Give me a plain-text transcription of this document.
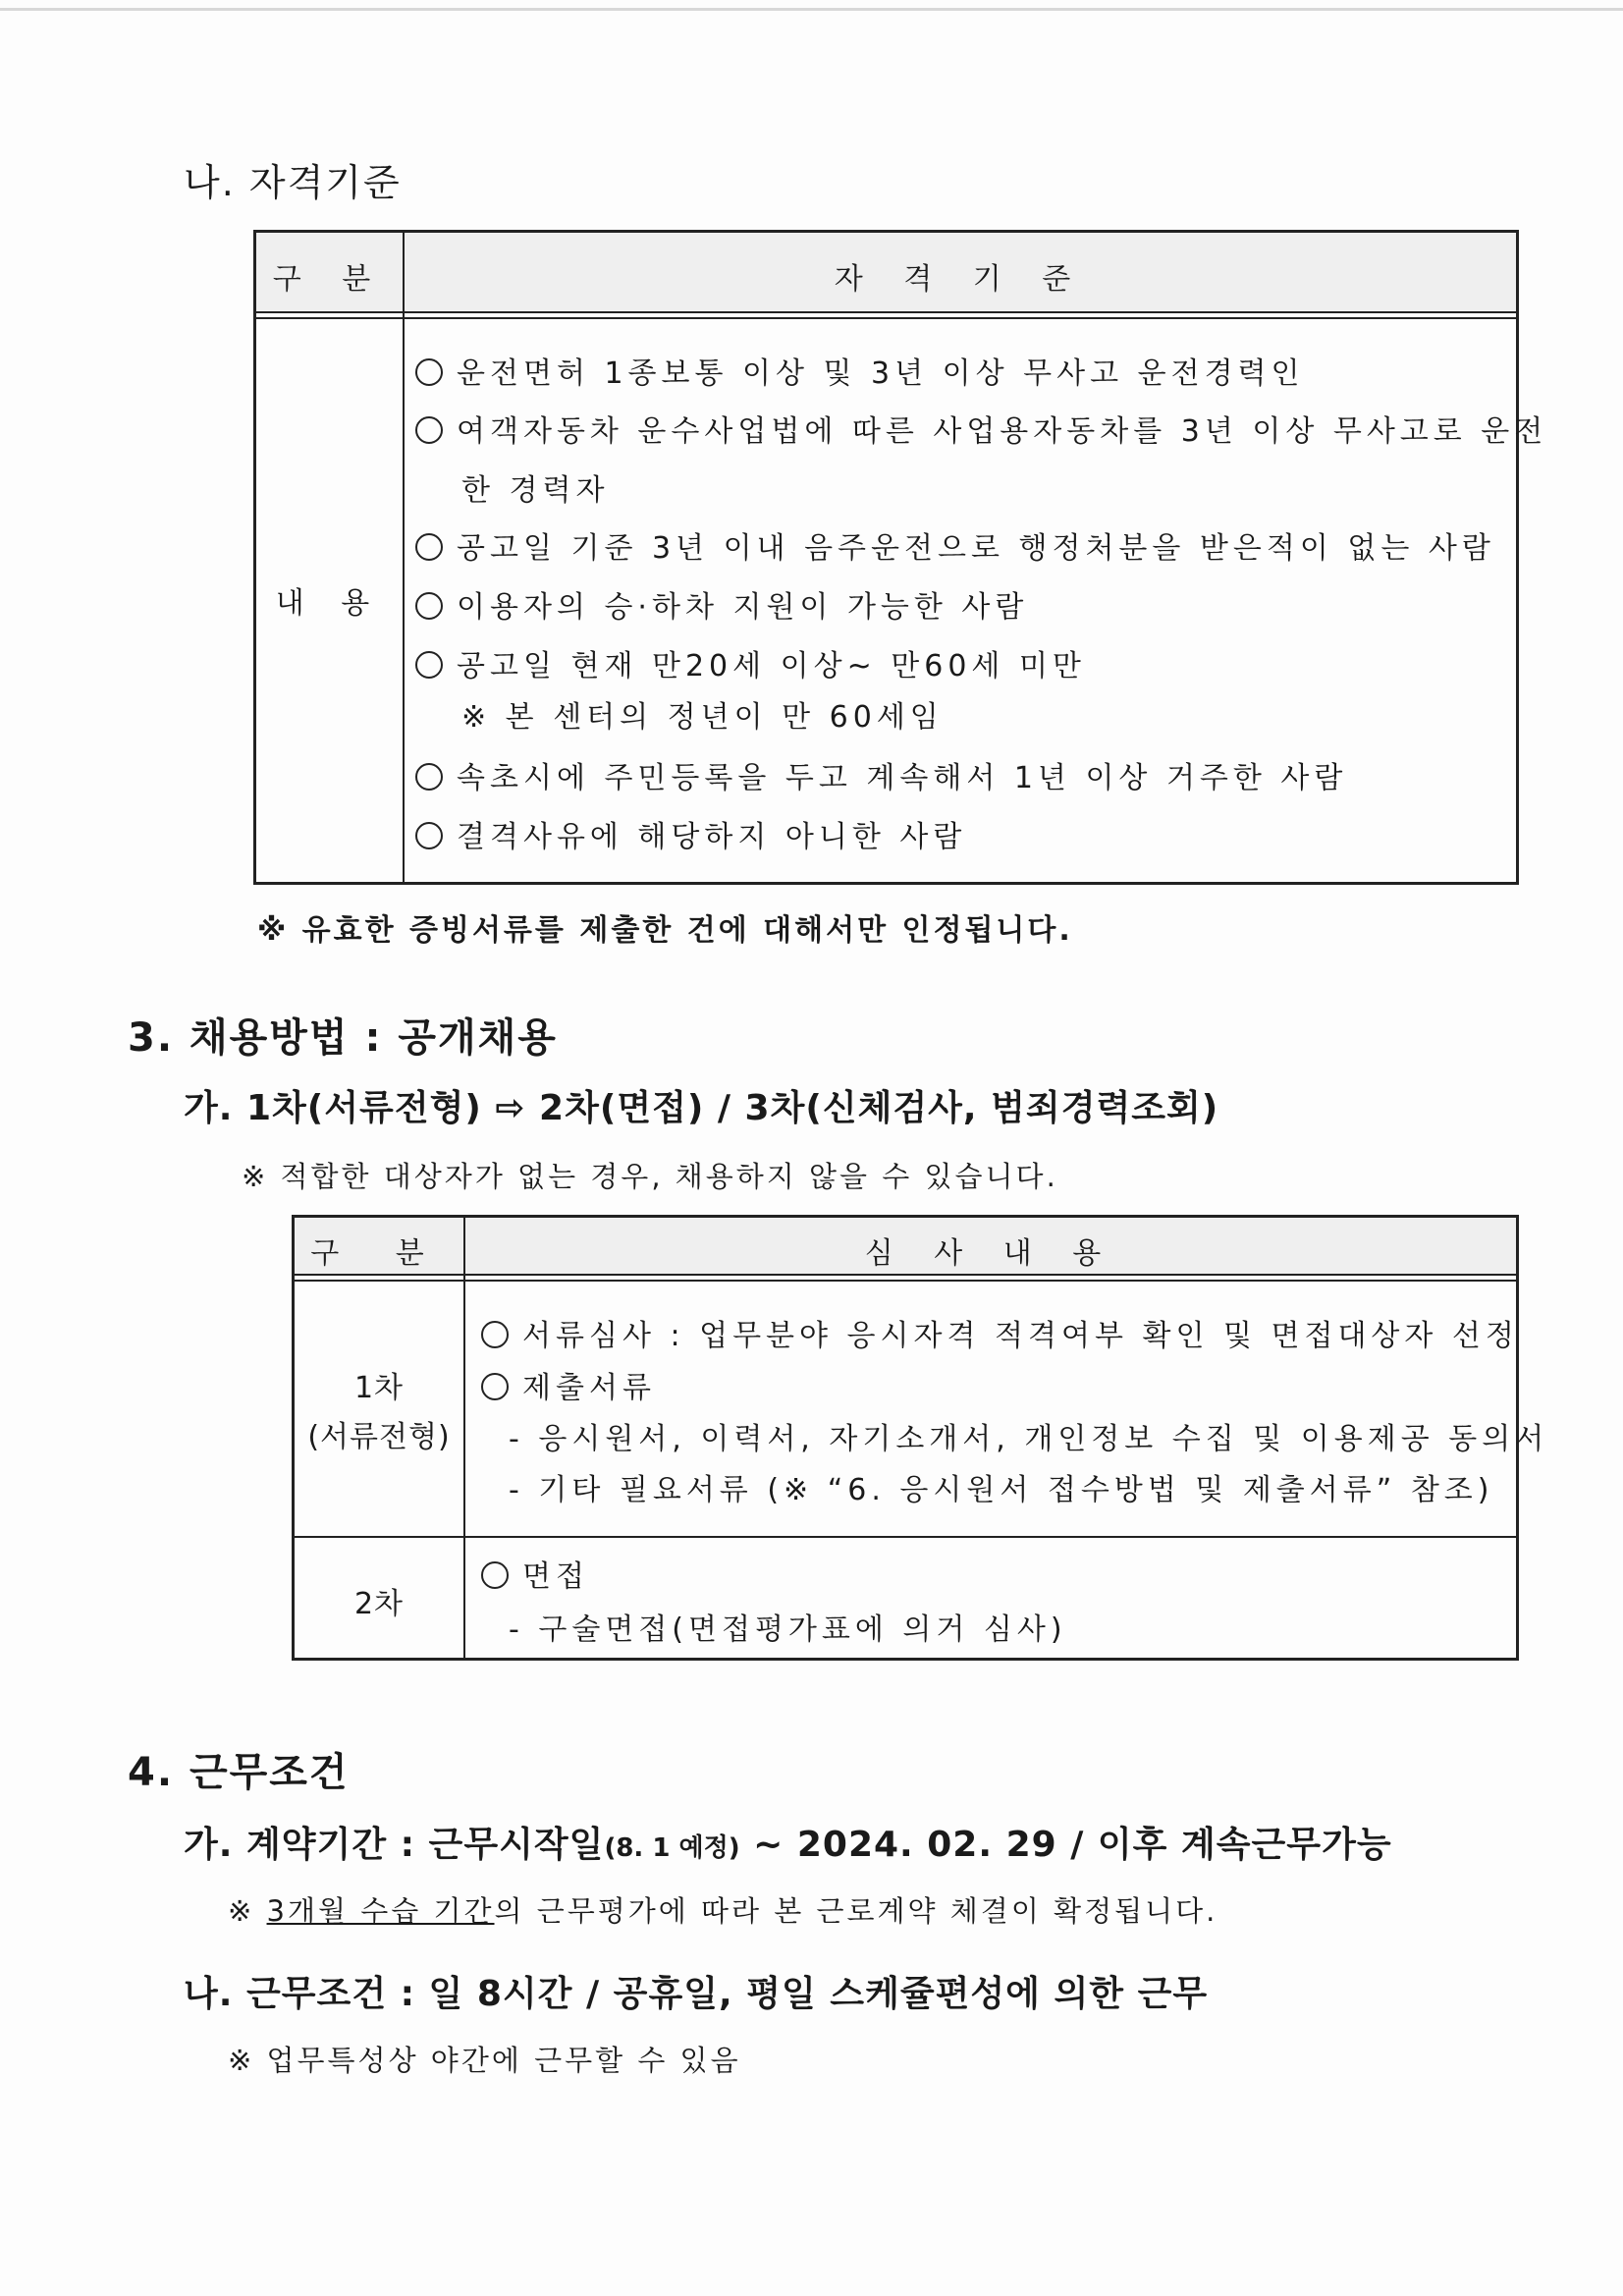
나. 자격기준
구 분	자 격 기 준
내 용
운전면허 1종보통 이상 및 3년 이상 무사고 운전경력인
여객자동차 운수사업법에 따른 사업용자동차를 3년 이상 무사고로 운전
한 경력자
공고일 기준 3년 이내 음주운전으로 행정처분을 받은적이 없는 사람
이용자의 승·하차 지원이 가능한 사람
공고일 현재 만20세 이상~ 만60세 미만
※ 본 센터의 정년이 만 60세임
속초시에 주민등록을 두고 계속해서 1년 이상 거주한 사람
결격사유에 해당하지 아니한 사람
※ 유효한 증빙서류를 제출한 건에 대해서만 인정됩니다.
3. 채용방법 : 공개채용
가. 1차(서류전형) ⇨ 2차(면접) / 3차(신체검사, 범죄경력조회)
※ 적합한 대상자가 없는 경우, 채용하지 않을 수 있습니다.
구 분	심 사 내 용
1차
(서류전형)
서류심사 : 업무분야 응시자격 적격여부 확인 및 면접대상자 선정
제출서류
- 응시원서, 이력서, 자기소개서, 개인정보 수집 및 이용제공 동의서
- 기타 필요서류 (※ “6. 응시원서 접수방법 및 제출서류” 참조)
2차
면접
- 구술면접(면접평가표에 의거 심사)
4. 근무조건
가. 계약기간 : 근무시작일(8. 1 예정) ~ 2024. 02. 29 / 이후 계속근무가능
※ 3개월 수습 기간의 근무평가에 따라 본 근로계약 체결이 확정됩니다.
나. 근무조건 : 일 8시간 / 공휴일, 평일 스케쥴편성에 의한 근무
※ 업무특성상 야간에 근무할 수 있음
